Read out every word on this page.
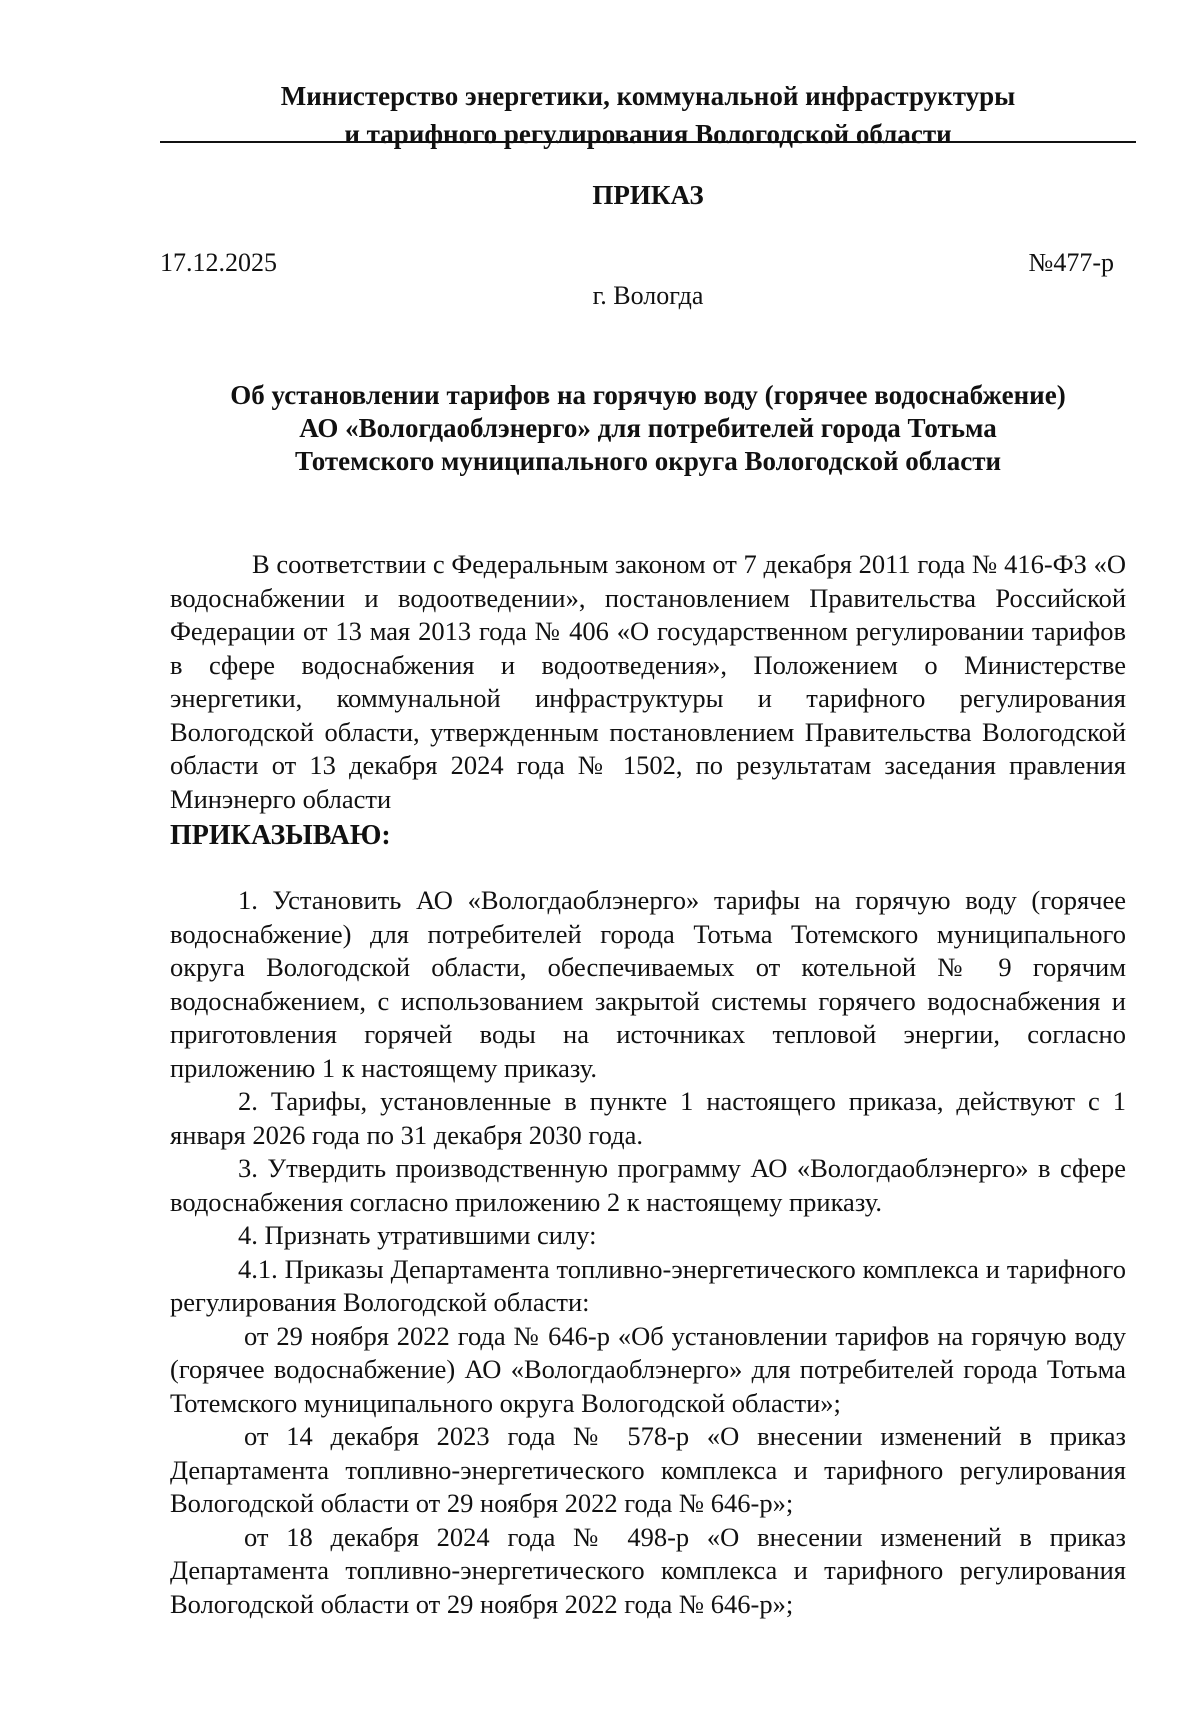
Министерство энергетики, коммунальной инфраструктуры
и тарифного регулирования Вологодской области
ПРИКАЗ
17.12.2025	№477-р
г. Вологда
Об установлении тарифов на горячую воду (горячее водоснабжение)
АО «Вологдаоблэнерго» для потребителей города Тотьма
Тотемского муниципального округа Вологодской области

В соответствии с Федеральным законом от 7 декабря 2011 года № 416-ФЗ «О водоснабжении и водоотведении», постановлением Правительства Российской Федерации от 13 мая 2013 года № 406 «О государственном регулировании тарифов в сфере водоснабжения и водоотведения», Положением о Министерстве энергетики, коммунальной инфраструктуры и тарифного регулирования Вологодской области, утвержденным постановлением Правительства Вологодской области от 13 декабря 2024 года № 1502, по результатам заседания правления Минэнерго области

ПРИКАЗЫВАЮ:

1. Установить АО «Вологдаоблэнерго» тарифы на горячую воду (горячее водоснабжение) для потребителей города Тотьма Тотемского муниципального округа Вологодской области, обеспечиваемых от котельной № 9 горячим водоснабжением, с использованием закрытой системы горячего водоснабжения и приготовления горячей воды на источниках тепловой энергии, согласно приложению 1 к настоящему приказу.

2. Тарифы, установленные в пункте 1 настоящего приказа, действуют с 1 января 2026 года по 31 декабря 2030 года.

3. Утвердить производственную программу АО «Вологдаоблэнерго» в сфере водоснабжения согласно приложению 2 к настоящему приказу.

4. Признать утратившими силу:

4.1. Приказы Департамента топливно-энергетического комплекса и тарифного регулирования Вологодской области:

от 29 ноября 2022 года № 646-р «Об установлении тарифов на горячую воду (горячее водоснабжение) АО «Вологдаоблэнерго» для потребителей города Тотьма Тотемского муниципального округа Вологодской области»;

от 14 декабря 2023 года № 578-р «О внесении изменений в приказ Департамента топливно-энергетического комплекса и тарифного регулирования Вологодской области от 29 ноября 2022 года № 646-р»;

от 18 декабря 2024 года № 498-р «О внесении изменений в приказ Департамента топливно-энергетического комплекса и тарифного регулирования Вологодской области от 29 ноября 2022 года № 646-р»;
